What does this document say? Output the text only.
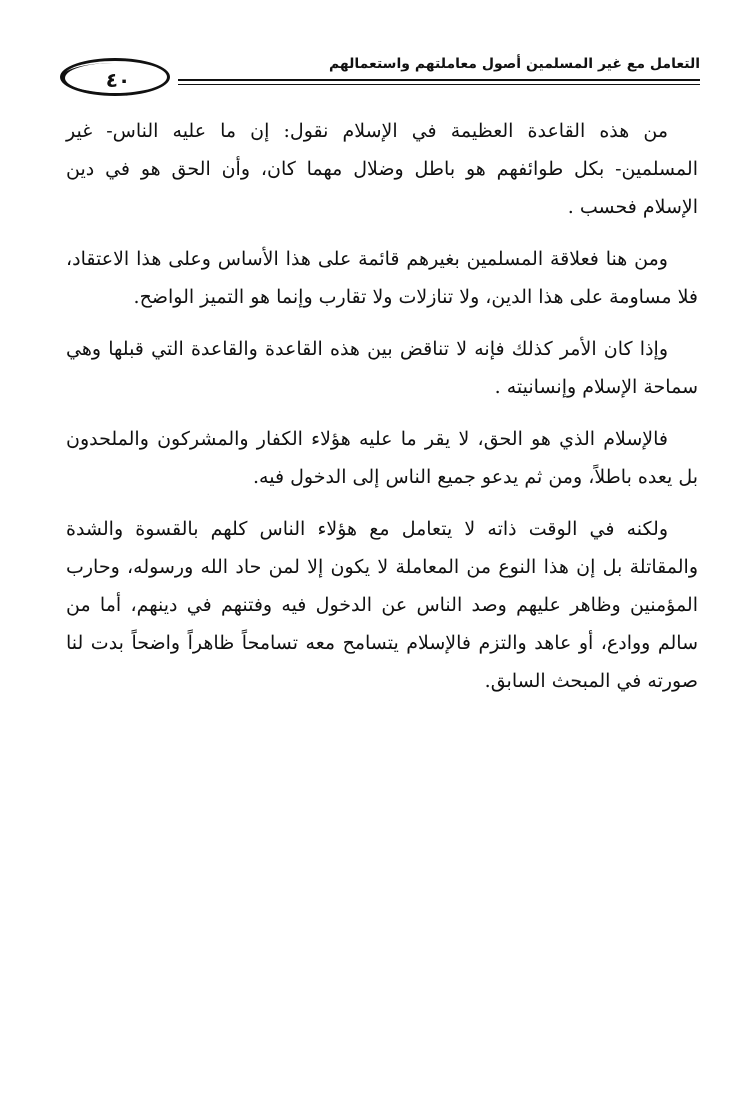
٤٠
التعامل مع غير المسلمين أصول معاملتهم واستعمالهم

من هذه القاعدة العظيمة في الإسلام نقول: إن ما عليه الناس- غير المسلمين- بكل طوائفهم هو باطل وضلال مهما كان، وأن الحق هو في دين الإسلام فحسب .

ومن هنا فعلاقة المسلمين بغيرهم قائمة على هذا الأساس وعلى هذا الاعتقاد، فلا مساومة على هذا الدين، ولا تنازلات ولا تقارب وإنما هو التميز الواضح.

وإذا كان الأمر كذلك فإنه لا تناقض بين هذه القاعدة والقاعدة التي قبلها وهي سماحة الإسلام وإنسانيته .

فالإسلام الذي هو الحق، لا يقر ما عليه هؤلاء الكفار والمشركون والملحدون بل يعده باطلاً، ومن ثم يدعو جميع الناس إلى الدخول فيه.

ولكنه في الوقت ذاته لا يتعامل مع هؤلاء الناس كلهم بالقسوة والشدة والمقاتلة بل إن هذا النوع من المعاملة لا يكون إلا لمن حاد الله ورسوله، وحارب المؤمنين وظاهر عليهم وصد الناس عن الدخول فيه وفتنهم في دينهم، أما من سالم ووادع، أو عاهد والتزم فالإسلام يتسامح معه تسامحاً ظاهراً واضحاً بدت لنا صورته في المبحث السابق.
